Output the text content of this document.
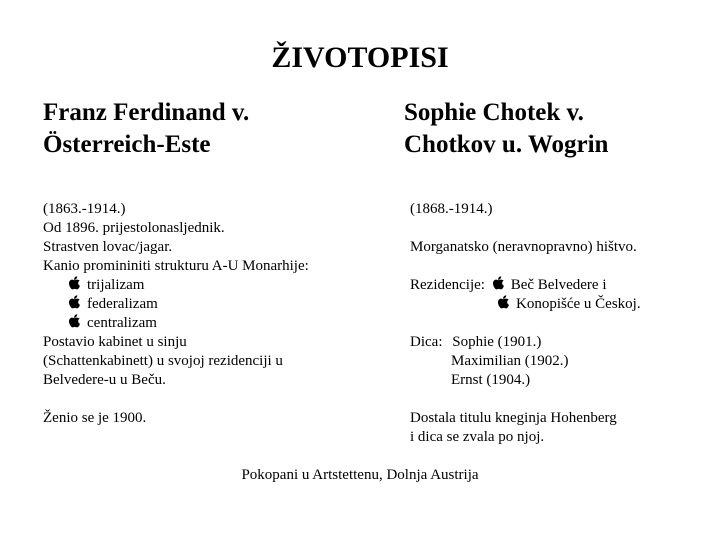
ŽIVOTOPISI
Franz Ferdinand v.
Österreich-Este
Sophie Chotek v.
Chotkov u. Wogrin
(1863.-1914.)
Od 1896. prijestolonasljednik.
Strastven lovac/jagar.
Kanio promininiti strukturu A-U Monarhije:
trijalizam
federalizam
centralizam
Postavio kabinet u sinju
(Schattenkabinett) u svojoj rezidenciji u
Belvedere-u u Beču.
Ženio se je 1900.
(1868.-1914.)
Morganatsko (neravnopravno) hištvo.
Rezidencije: Beč Belvedere i
Konopišće u Českoj.
Dica: Sophie (1901.)
Maximilian (1902.)
Ernst (1904.)
Dostala titulu kneginja Hohenberg
i dica se zvala po njoj.
Pokopani u Artstettenu, Dolnja Austrija
